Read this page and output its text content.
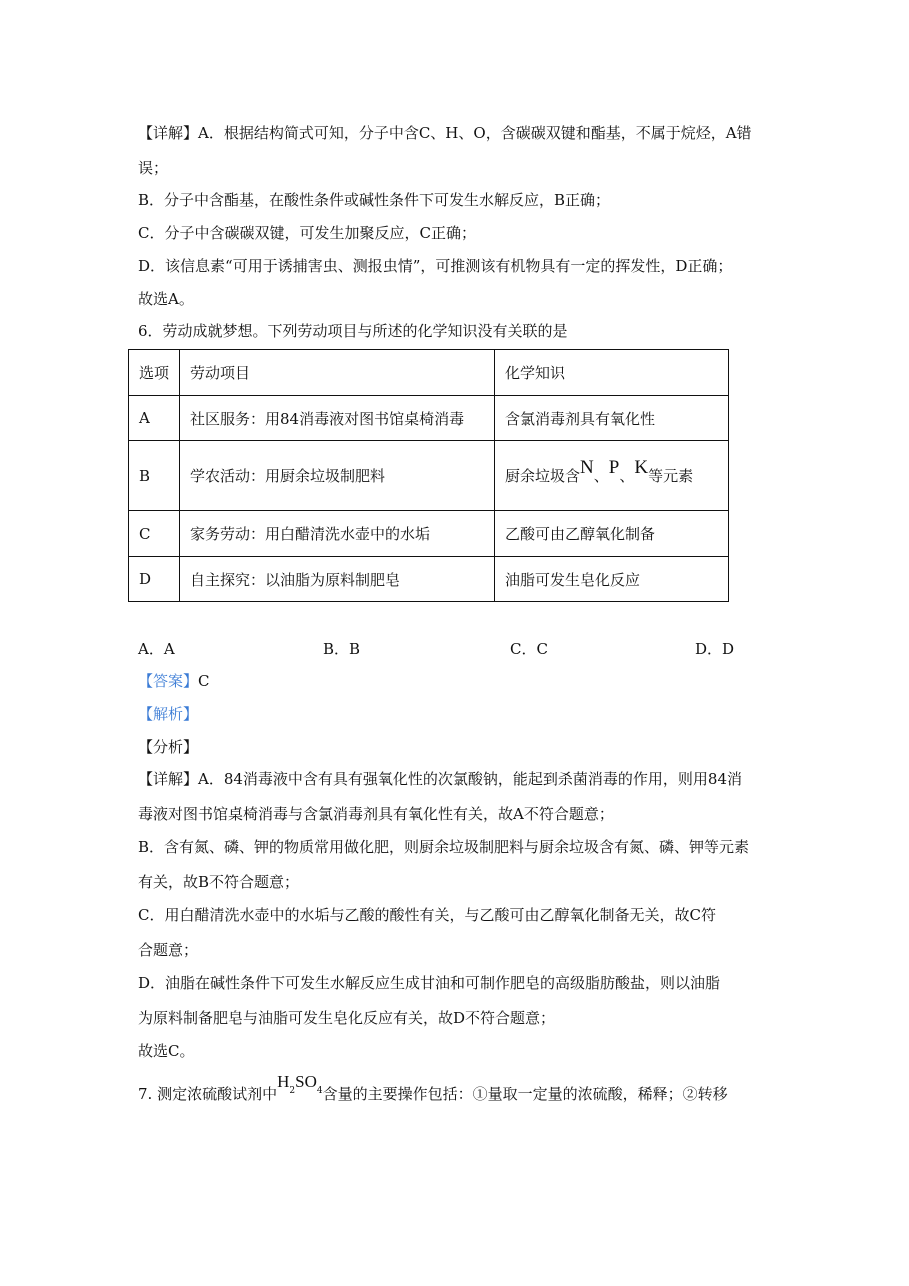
【详解】A．根据结构简式可知，分子中含C、H、O，含碳碳双键和酯基，不属于烷烃，A错
误；
B．分子中含酯基，在酸性条件或碱性条件下可发生水解反应，B正确；
C．分子中含碳碳双键，可发生加聚反应，C正确；
D．该信息素“可用于诱捕害虫、测报虫情”，可推测该有机物具有一定的挥发性，D正确；
故选A。
6．劳动成就梦想。下列劳动项目与所述的化学知识没有关联的是
选项	劳动项目	化学知识
A	社区服务：用84消毒液对图书馆桌椅消毒	含氯消毒剂具有氧化性
B	学农活动：用厨余垃圾制肥料	厨余垃圾含N、P、K等元素
C	家务劳动：用白醋清洗水壶中的水垢	乙酸可由乙醇氧化制备
D	自主探究：以油脂为原料制肥皂	油脂可发生皂化反应
A．A	B．B	C．C	D．D
【答案】C
【解析】
【分析】
【详解】A．84消毒液中含有具有强氧化性的次氯酸钠，能起到杀菌消毒的作用，则用84消
毒液对图书馆桌椅消毒与含氯消毒剂具有氧化性有关，故A不符合题意；
B．含有氮、磷、钾的物质常用做化肥，则厨余垃圾制肥料与厨余垃圾含有氮、磷、钾等元素
有关，故B不符合题意；
C．用白醋清洗水壶中的水垢与乙酸的酸性有关，与乙酸可由乙醇氧化制备无关，故C符
合题意；
D．油脂在碱性条件下可发生水解反应生成甘油和可制作肥皂的高级脂肪酸盐，则以油脂
为原料制备肥皂与油脂可发生皂化反应有关，故D不符合题意；
故选C。
7. 测定浓硫酸试剂中$H^2SO^4$含量的主要操作包括：①量取一定量的浓硫酸，稀释；②转移
